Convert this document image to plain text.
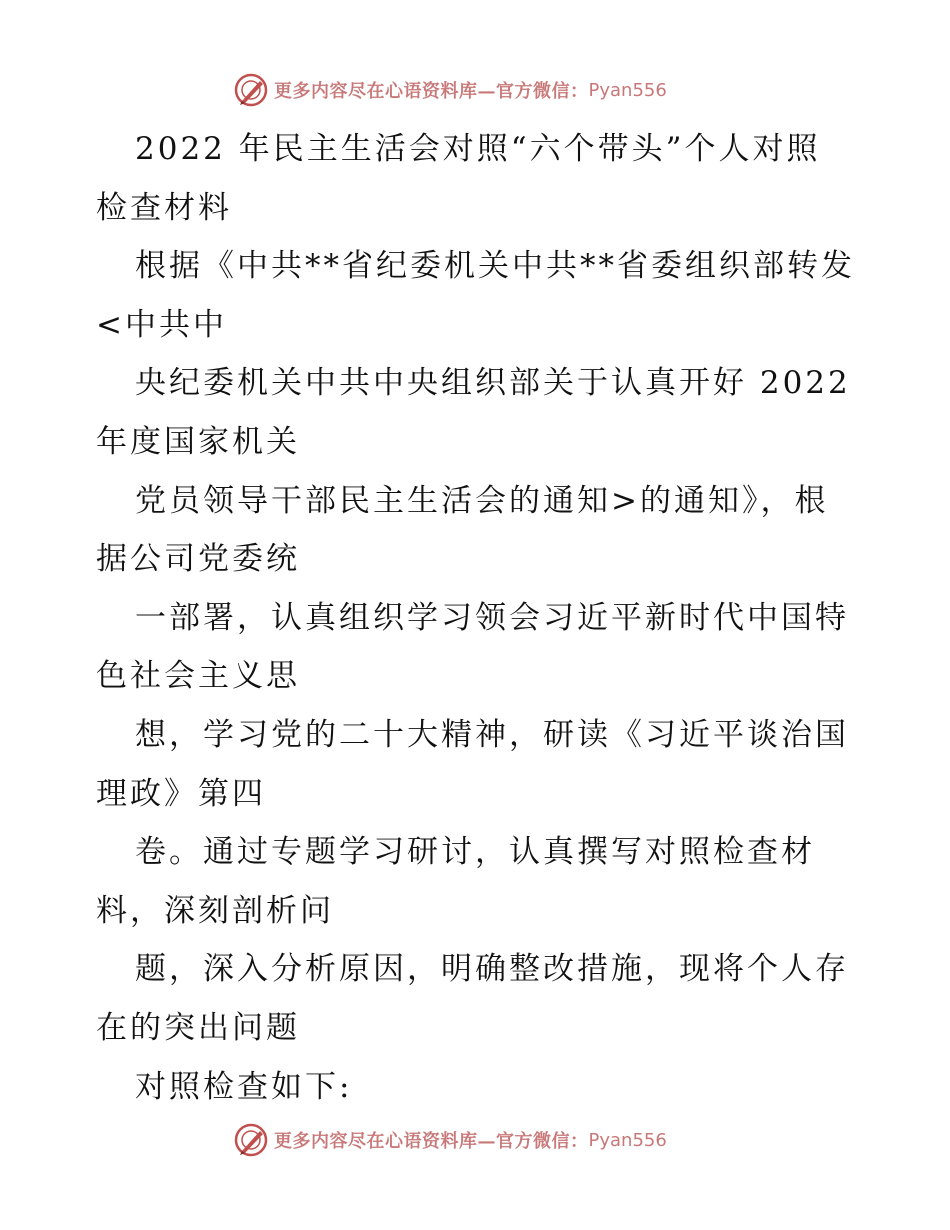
更多内容尽在心语资料库—官方微信： Pyan556
2022 年民主生活会对照“六个带头”个人对照
检查材料
根据《中共**省纪委机关中共**省委组织部转发
<中共中
央纪委机关中共中央组织部关于认真开好 2022
年度国家机关
党员领导干部民主生活会的通知>的通知》，根
据公司党委统
一部署，认真组织学习领会习近平新时代中国特
色社会主义思
想，学习党的二十大精神，研读《习近平谈治国
理政》第四
卷。通过专题学习研讨，认真撰写对照检查材
料，深刻剖析问
题，深入分析原因，明确整改措施，现将个人存
在的突出问题
对照检查如下:
更多内容尽在心语资料库—官方微信： Pyan556
